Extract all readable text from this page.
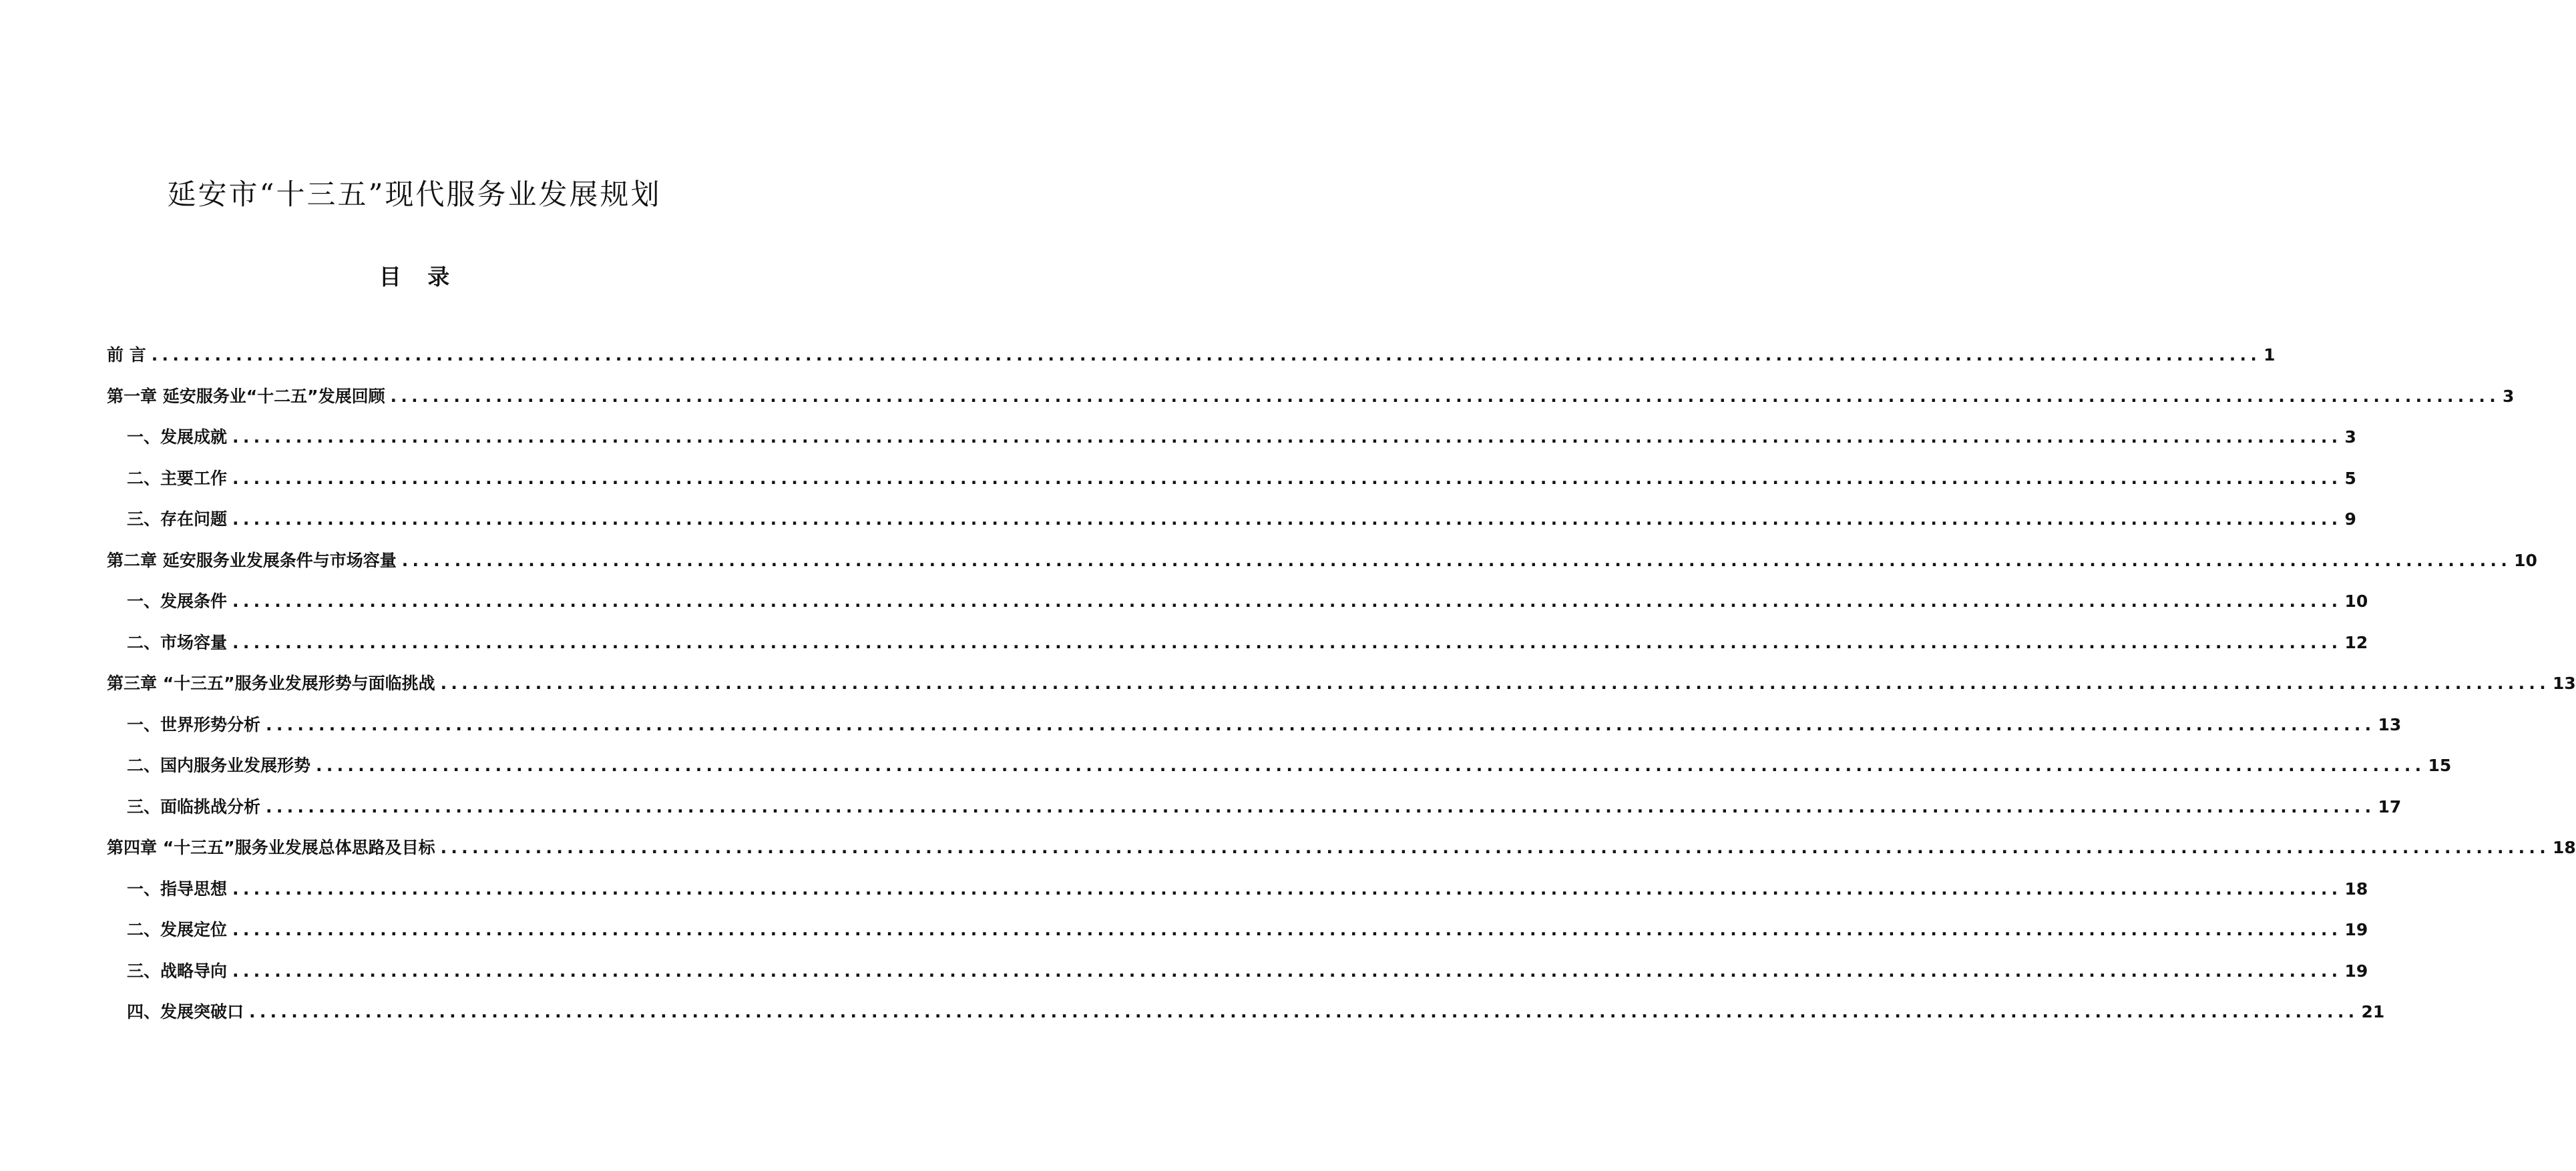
延安市“十三五”现代服务业发展规划
目 录
前 言 ........................................................................................................................................................................................................ 1
第一章 延安服务业“十二五”发展回顾 ........................................................................................................................................................................................................ 3
一、发展成就 ........................................................................................................................................................................................................ 3
二、主要工作 ........................................................................................................................................................................................................ 5
三、存在问题 ........................................................................................................................................................................................................ 9
第二章 延安服务业发展条件与市场容量 ........................................................................................................................................................................................................ 10
一、发展条件 ........................................................................................................................................................................................................ 10
二、市场容量 ........................................................................................................................................................................................................ 12
第三章 “十三五”服务业发展形势与面临挑战 ........................................................................................................................................................................................................ 13
一、世界形势分析 ........................................................................................................................................................................................................ 13
二、国内服务业发展形势 ........................................................................................................................................................................................................ 15
三、面临挑战分析 ........................................................................................................................................................................................................ 17
第四章 “十三五”服务业发展总体思路及目标 ........................................................................................................................................................................................................ 18
一、指导思想 ........................................................................................................................................................................................................ 18
二、发展定位 ........................................................................................................................................................................................................ 19
三、战略导向 ........................................................................................................................................................................................................ 19
四、发展突破口 ........................................................................................................................................................................................................ 21
